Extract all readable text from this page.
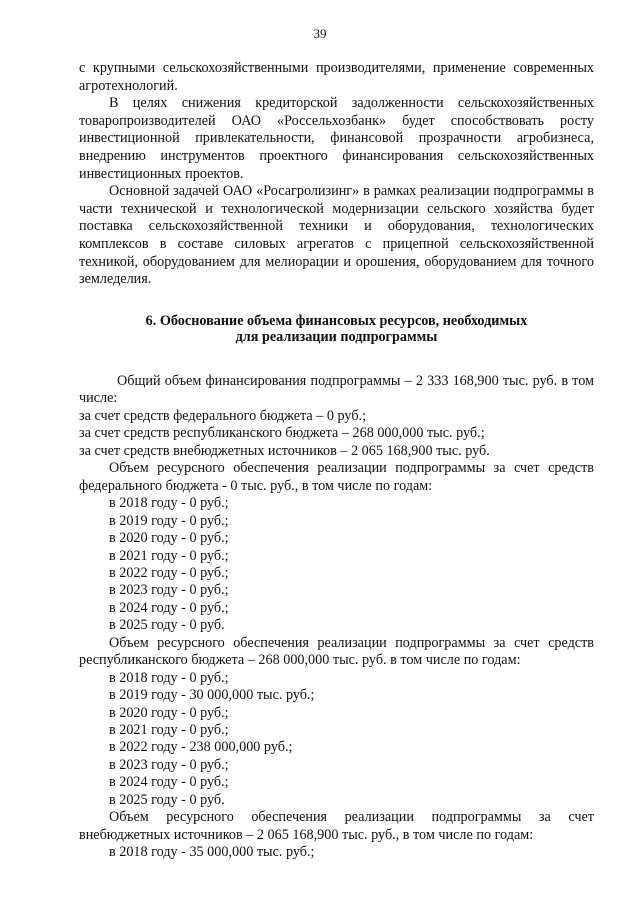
39

с крупными сельскохозяйственными производителями, применение современных агротехнологий.

В целях снижения кредиторской задолженности сельскохозяйственных товаропроизводителей ОАО «Россельхозбанк» будет способствовать росту инвестиционной привлекательности, финансовой прозрачности агробизнеса, внедрению инструментов проектного финансирования сельскохозяйственных инвестиционных проектов.

Основной задачей ОАО «Росагролизинг» в рамках реализации подпрограммы в части технической и технологической модернизации сельского хозяйства будет поставка сельскохозяйственной техники и оборудования, технологических комплексов в составе силовых агрегатов с прицепной сельскохозяйственной техникой, оборудованием для мелиорации и орошения, оборудованием для точного земледелия.

6. Обоснование объема финансовых ресурсов, необходимых
для реализации подпрограммы

Общий объем финансирования подпрограммы – 2 333 168,900 тыс. руб. в том числе:

за счет средств федерального бюджета – 0 руб.;

за счет средств республиканского бюджета – 268 000,000 тыс. руб.;

за счет средств внебюджетных источников – 2 065 168,900 тыс. руб.

Объем ресурсного обеспечения реализации подпрограммы за счет средств федерального бюджета - 0 тыс. руб., в том числе по годам:

в 2018 году - 0 руб.;

в 2019 году - 0 руб.;

в 2020 году - 0 руб.;

в 2021 году - 0 руб.;

в 2022 году - 0 руб.;

в 2023 году - 0 руб.;

в 2024 году - 0 руб.;

в 2025 году - 0 руб.

Объем ресурсного обеспечения реализации подпрограммы за счет средств республиканского бюджета – 268 000,000 тыс. руб. в том числе по годам:

в 2018 году - 0 руб.;

в 2019 году - 30 000,000 тыс. руб.;

в 2020 году - 0 руб.;

в 2021 году - 0 руб.;

в 2022 году - 238 000,000 руб.;

в 2023 году - 0 руб.;

в 2024 году - 0 руб.;

в 2025 году - 0 руб.

Объем ресурсного обеспечения реализации подпрограммы за счет внебюджетных источников – 2 065 168,900 тыс. руб., в том числе по годам:

в 2018 году - 35 000,000 тыс. руб.;
